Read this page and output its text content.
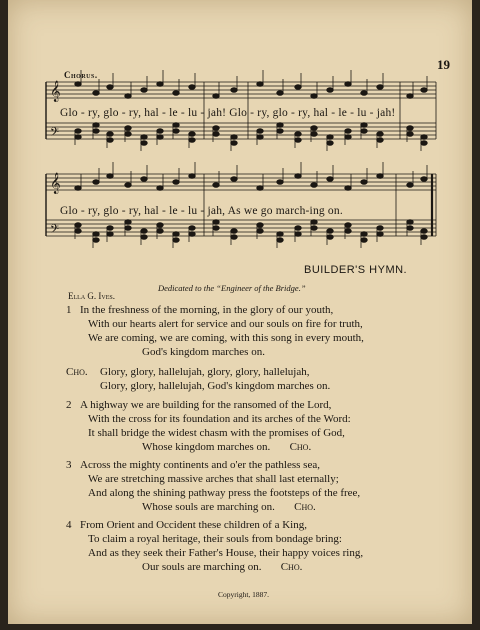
19
Chorus.
𝄞
𝄢
𝄞
𝄢
Glo - ry, glo - ry, hal - le - lu - jah! Glo - ry, glo - ry, hal - le - lu - jah!
Glo - ry, glo - ry, hal - le - lu - jah, As we go march-ing on.
BUILDER'S HYMN.
Dedicated to the “Engineer of the Bridge.”
Ella G. Ives.
1 In the freshness of the morning, in the glory of our youth,
With our hearts alert for service and our souls on fire for truth,
We are coming, we are coming, with this song in every mouth,
God's kingdom marches on.
Cho. Glory, glory, hallelujah, glory, glory, hallelujah,
Glory, glory, hallelujah, God's kingdom marches on.
2 A highway we are building for the ransomed of the Lord,
With the cross for its foundation and its arches of the Word:
It shall bridge the widest chasm with the promises of God,
Whose kingdom marches on. Cho.
3 Across the mighty continents and o'er the pathless sea,
We are stretching massive arches that shall last eternally;
And along the shining pathway press the footsteps of the free,
Whose souls are marching on. Cho.
4 From Orient and Occident these children of a King,
To claim a royal heritage, their souls from bondage bring:
And as they seek their Father's House, their happy voices ring,
Our souls are marching on. Cho.
Copyright, 1887.
